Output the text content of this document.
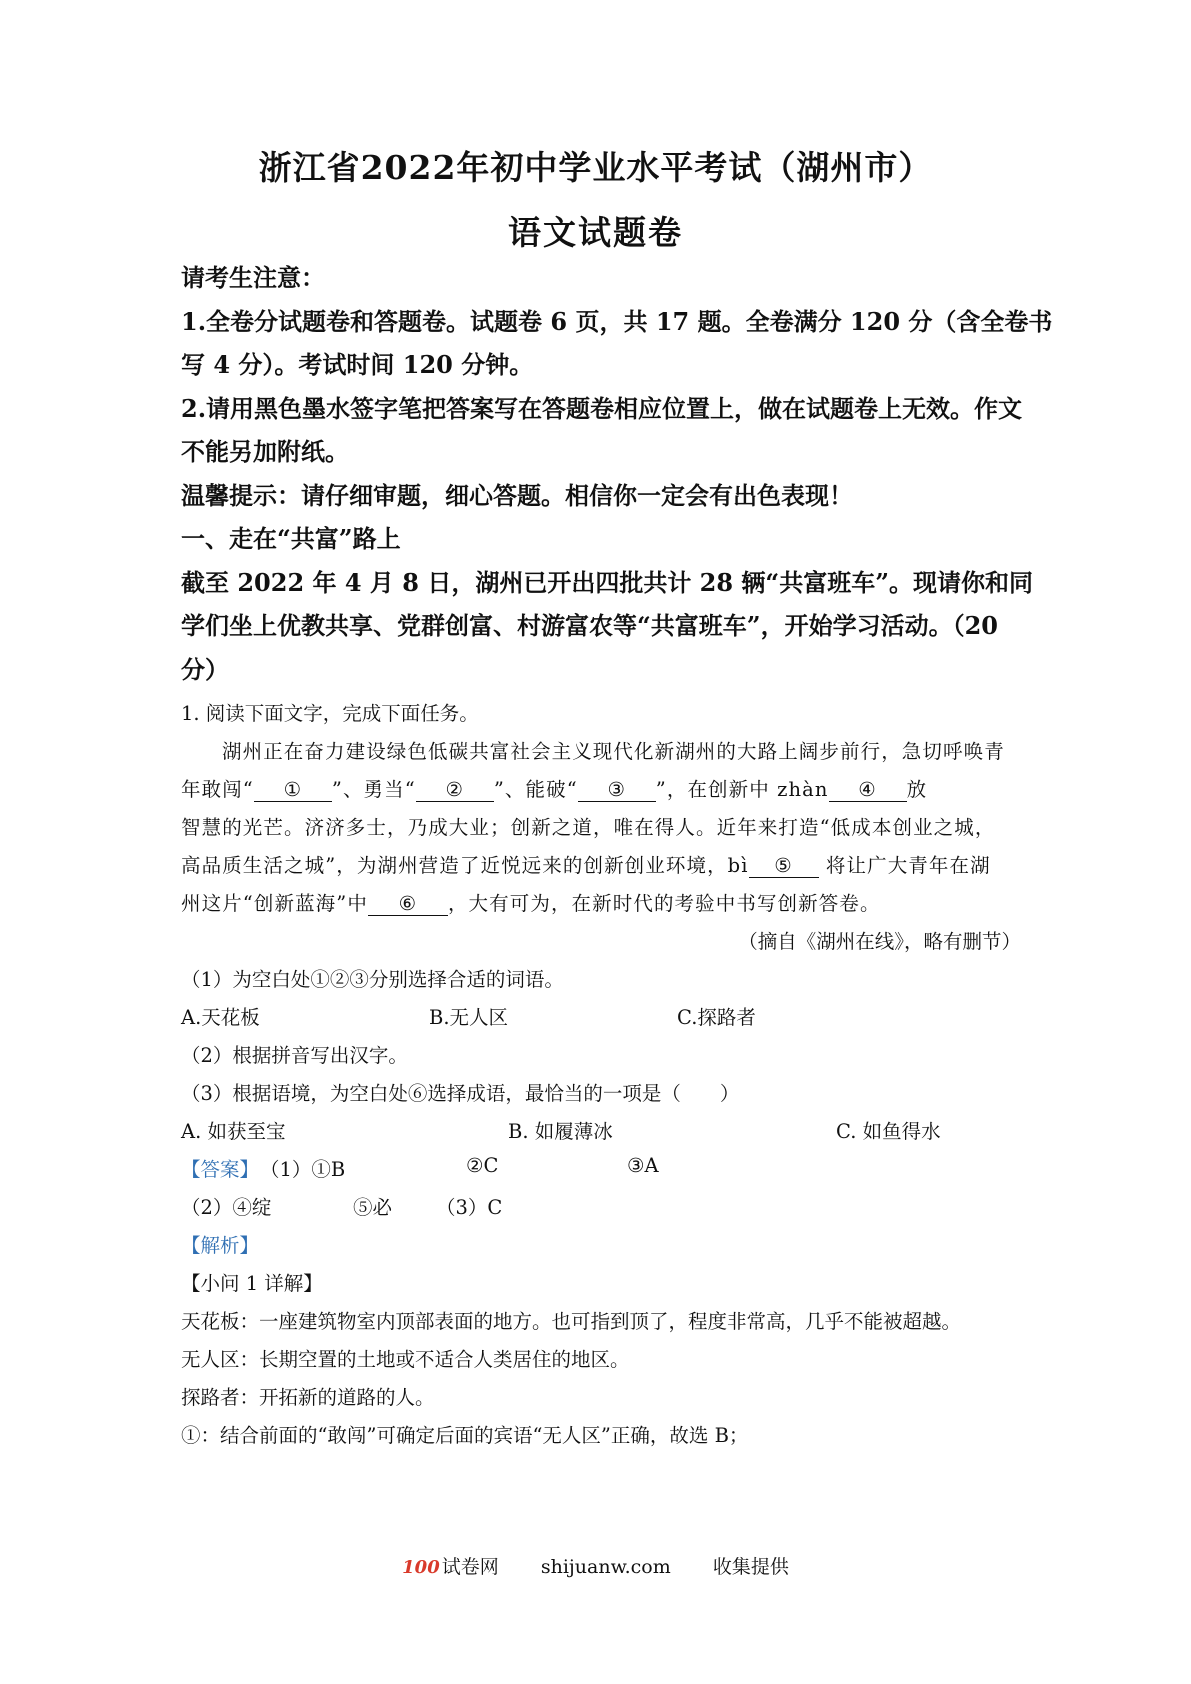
浙江省2022年初中学业水平考试（湖州市）
语文试题卷
请考生注意：
1.全卷分试题卷和答题卷。试题卷 6 页，共 17 题。全卷满分 120 分（含全卷书
写 4 分）。考试时间 120 分钟。
2.请用黑色墨水签字笔把答案写在答题卷相应位置上，做在试题卷上无效。作文
不能另加附纸。
温馨提示：请仔细审题，细心答题。相信你一定会有出色表现！
一、走在“共富”路上
截至 2022 年 4 月 8 日，湖州已开出四批共计 28 辆“共富班车”。现请你和同
学们坐上优教共享、党群创富、村游富农等“共富班车”，开始学习活动。（20
分）
1. 阅读下面文字，完成下面任务。
湖州正在奋力建设绿色低碳共富社会主义现代化新湖州的大路上阔步前行，急切呼唤青
年敢闯“ ① ”、勇当“ ② ”、能破“ ③ ”，在创新中 zhàn ④ 放
智慧的光芒。济济多士，乃成大业；创新之道，唯在得人。近年来打造“低成本创业之城，
高品质生活之城”，为湖州营造了近悦远来的创新创业环境，bì ⑤ 将让广大青年在湖
州这片“创新蓝海”中 ⑥ ，大有可为，在新时代的考验中书写创新答卷。
（摘自《湖州在线》，略有删节）
（1）为空白处①②③分别选择合适的词语。
A.天花板	B.无人区	C.探路者
（2）根据拼音写出汉字。
（3）根据语境，为空白处⑥选择成语，最恰当的一项是（　　）
A. 如获至宝	B. 如履薄冰	C. 如鱼得水
【答案】 （1）①B	②C	③A
（2）④绽	⑤必 （3）C
【解析】
【小问 1 详解】
天花板：一座建筑物室内顶部表面的地方。也可指到顶了，程度非常高，几乎不能被超越。
无人区：长期空置的土地或不适合人类居住的地区。
探路者：开拓新的道路的人。
①：结合前面的“敢闯”可确定后面的宾语“无人区”正确，故选 B；
100 试卷网 shijuanw.com 收集提供
